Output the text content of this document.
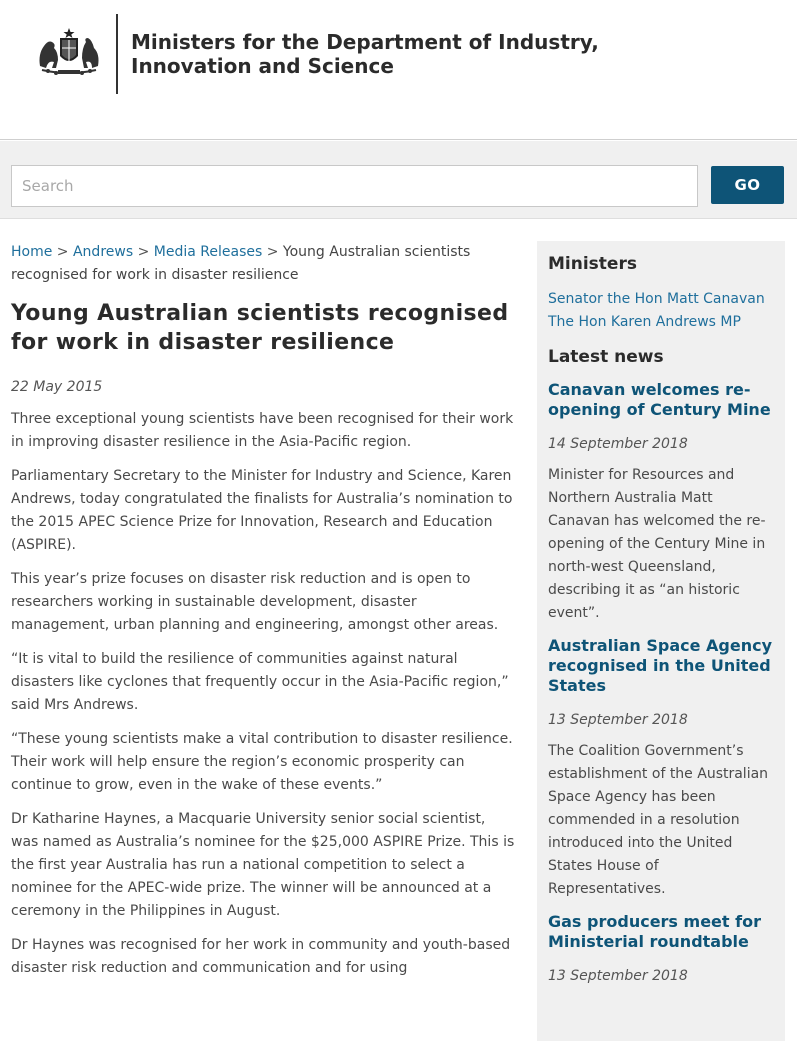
Ministers for the Department of Industry, Innovation and Science
Search
GO
Home > Andrews > Media Releases > Young Australian scientists recognised for work in disaster resilience
Young Australian scientists recognised for work in disaster resilience
22 May 2015

Three exceptional young scientists have been recognised for their work in improving disaster resilience in the Asia-Pacific region.

Parliamentary Secretary to the Minister for Industry and Science, Karen Andrews, today congratulated the finalists for Australia’s nomination to the 2015 APEC Science Prize for Innovation, Research and Education (ASPIRE).

This year’s prize focuses on disaster risk reduction and is open to researchers working in sustainable development, disaster management, urban planning and engineering, amongst other areas.

“It is vital to build the resilience of communities against natural disasters like cyclones that frequently occur in the Asia-Pacific region,” said Mrs Andrews.

“These young scientists make a vital contribution to disaster resilience. Their work will help ensure the region’s economic prosperity can continue to grow, even in the wake of these events.”

Dr Katharine Haynes, a Macquarie University senior social scientist, was named as Australia’s nominee for the $25,000 ASPIRE Prize. This is the first year Australia has run a national competition to select a nominee for the APEC-wide prize. The winner will be announced at a ceremony in the Philippines in August.

Dr Haynes was recognised for her work in community and youth-based disaster risk reduction and communication and for using

Ministers
Senator the Hon Matt Canavan
The Hon Karen Andrews MP
Latest news
Canavan welcomes re-opening of Century Mine
14 September 2018
Minister for Resources and Northern Australia Matt Canavan has welcomed the re-opening of the Century Mine in north-west Queensland, describing it as “an historic event”.
Australian Space Agency recognised in the United States
13 September 2018
The Coalition Government’s establishment of the Australian Space Agency has been commended in a resolution introduced into the United States House of Representatives.
Gas producers meet for Ministerial roundtable
13 September 2018
